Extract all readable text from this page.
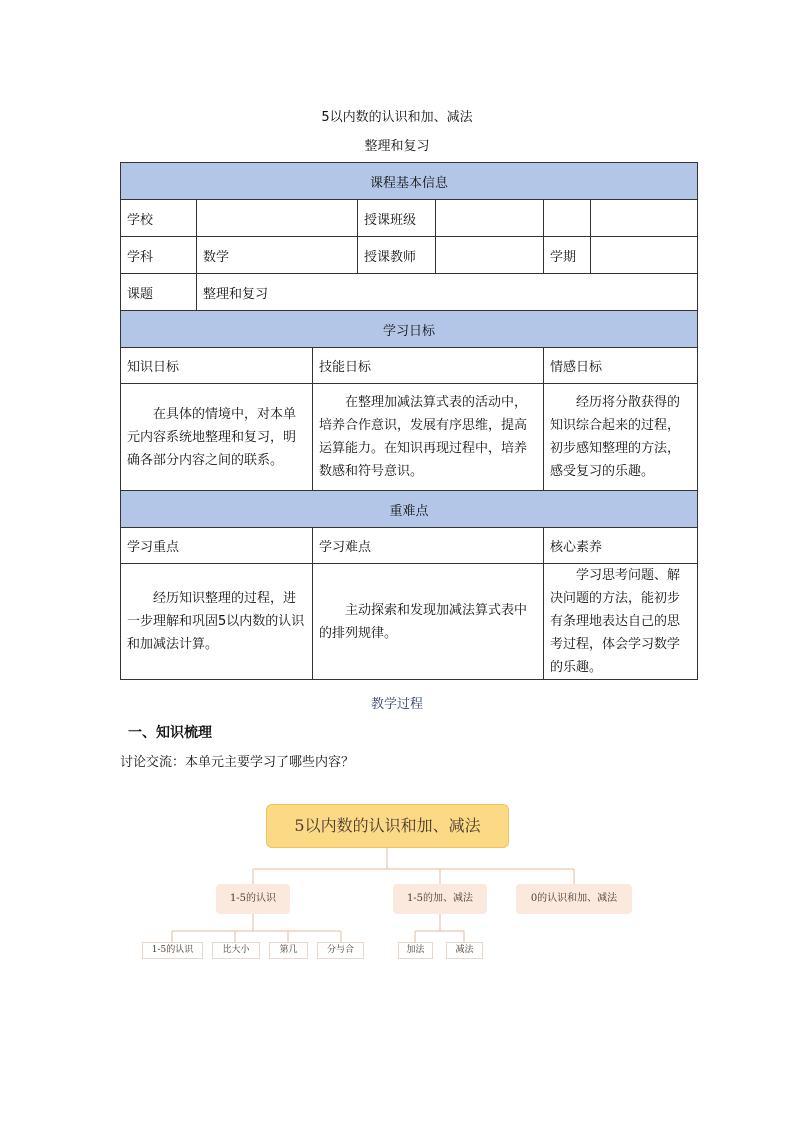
5以内数的认识和加、减法
整理和复习
课程基本信息						
学校			授课班级			
学科	数学		授课教师		学期	
课题	整理和复习					
学习日标						
知识日标		技能日标			情感日标	
在具体的情境中，对本单元内容系统地整理和复习，明确各部分内容之间的联系。		在整理加减法算式表的活动中，培养合作意识，发展有序思维，提高运算能力。在知识再现过程中，培养数感和符号意识。			经历将分散获得的知识综合起来的过程，初步感知整理的方法，感受复习的乐趣。	
重难点						
学习重点		学习难点			核心素养	
经历知识整理的过程，进一步理解和巩固5以内数的认识和加减法计算。		主动探索和发现加减法算式表中的排列规律。			学习思考问题、解决问题的方法，能初步有条理地表达自己的思考过程，体会学习数学的乐趣。	
教学过程
一、知识梳理
讨论交流：本单元主要学习了哪些内容？
5以内数的认识和加、减法
1-5的认识	1-5的加、减法	0的认识和加、减法
1-5的认识	比大小	第几	分与合	加法	减法
